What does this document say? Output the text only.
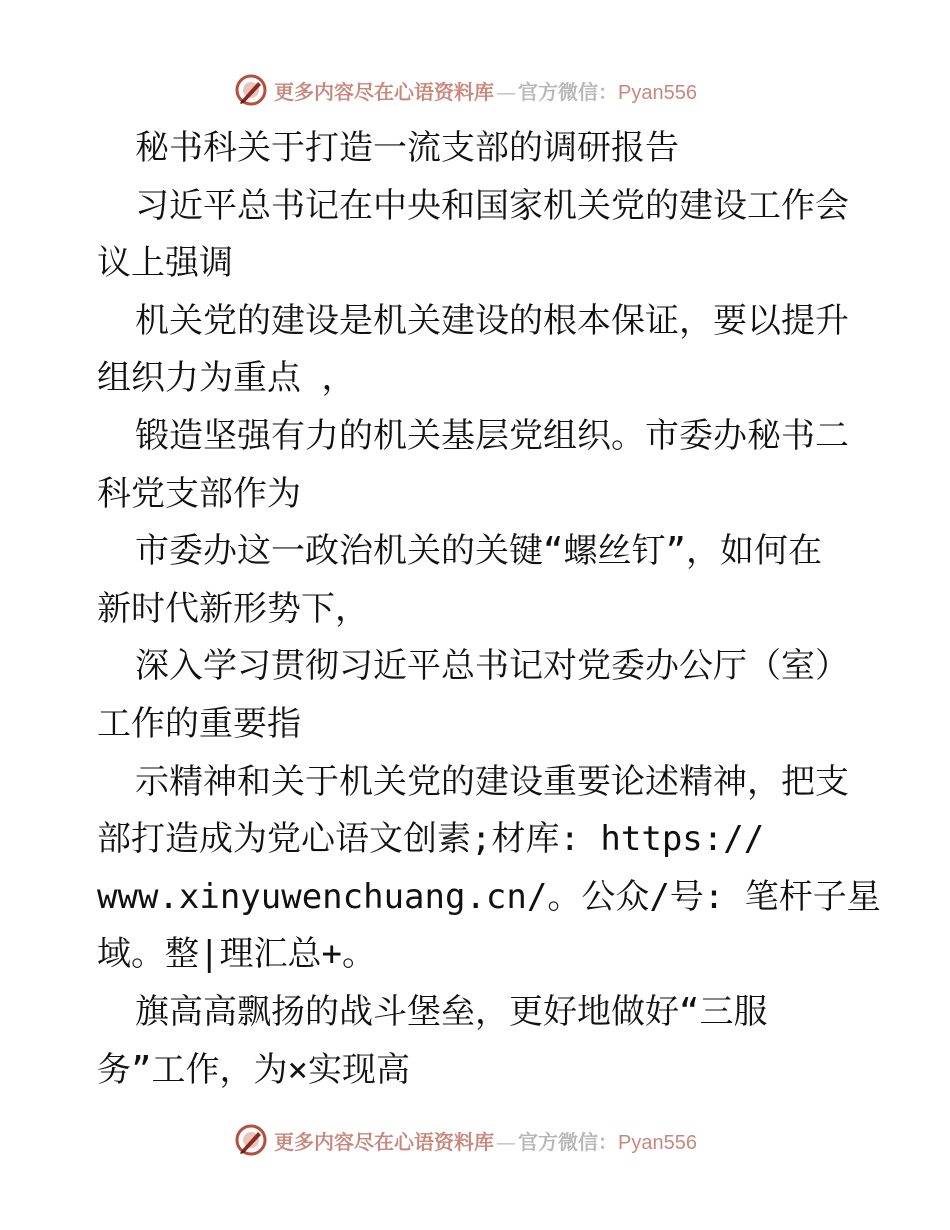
更多内容尽在心语资料库 — 官方微信：Pyan556
秘书科关于打造一流支部的调研报告
习近平总书记在中央和国家机关党的建设工作会
议上强调
机关党的建设是机关建设的根本保证，要以提升
组织力为重点 ，
锻造坚强有力的机关基层党组织。市委办秘书二
科党支部作为
市委办这一政治机关的关键“螺丝钉”，如何在
新时代新形势下，
深入学习贯彻习近平总书记对党委办公厅（室）
工作的重要指
示精神和关于机关党的建设重要论述精神，把支
部打造成为党心语文创素;材库: https://
www.xinyuwenchuang.cn/。公众/号: 笔杆子星
域。整|理汇总+。
旗高高飘扬的战斗堡垒，更好地做好“三服
务”工作，为×实现高
更多内容尽在心语资料库 — 官方微信：Pyan556
